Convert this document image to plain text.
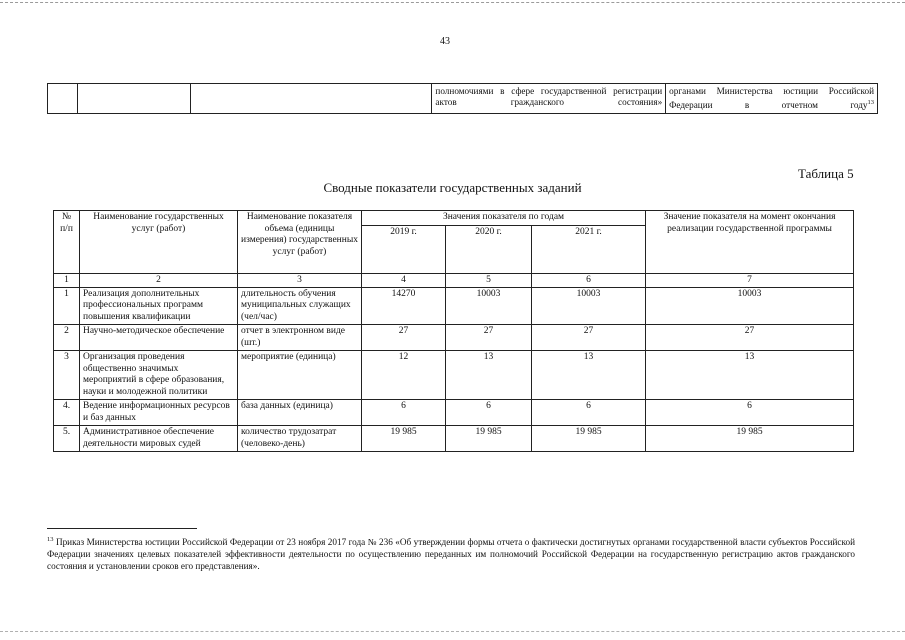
43
			полномочиями в сфере государственной регистрации актов гражданского состояния»	органами Министерства юстиции Российской Федерации в отчетном году$^{13}$
Таблица 5
Сводные показатели государственных заданий
№ п/п	Наименование государственных услуг (работ)	Наименование показателя объема (единицы измерения) государственных услуг (работ)	Значения показателя по годам			Значение показателя на момент окончания реализации государственной программы
			2019 г.	2020 г.	2021 г.	
1	2	3	4	5	6	7
1	Реализация дополнительных профессиональных программ повышения квалификации	длительность обучения муниципальных служащих (чел/час)	14270	10003	10003	10003
2	Научно-методическое обеспечение	отчет в электронном виде (шт.)	27	27	27	27
3	Организация проведения общественно значимых мероприятий в сфере образования, науки и молодежной политики	мероприятие (единица)	12	13	13	13
4.	Ведение информационных ресурсов и баз данных	база данных (единица)	6	6	6	6
5.	Административное обеспечение деятельности мировых судей	количество трудозатрат (человеко-день)	19 985	19 985	19 985	19 985
$^{13}$ Приказ Министерства юстиции Российской Федерации от 23 ноября 2017 года № 236 «Об утверждении формы отчета о фактически достигнутых органами государственной власти субъектов Российской Федерации значениях целевых показателей эффективности деятельности по осуществлению переданных им полномочий Российской Федерации на государственную регистрацию актов гражданского состояния и установлении сроков его представления».
